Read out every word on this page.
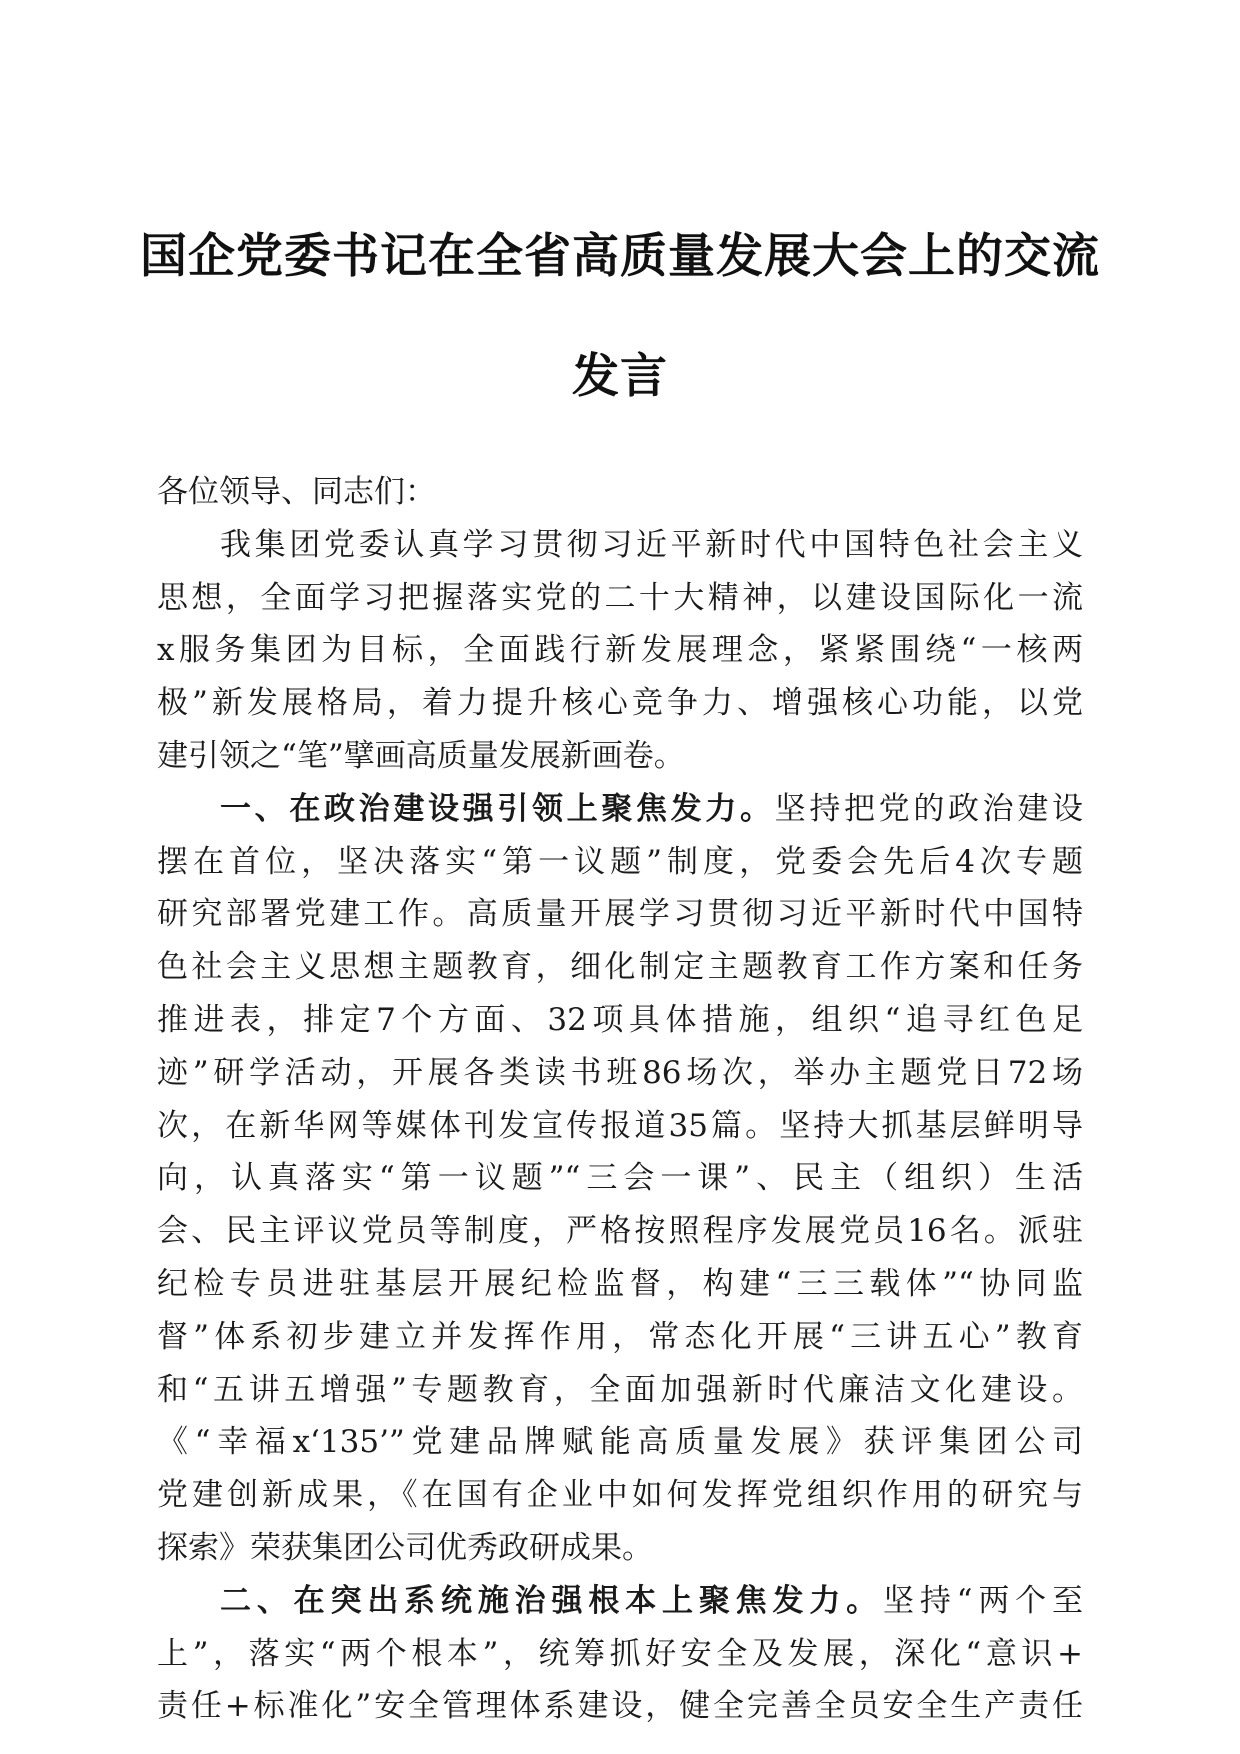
国企党委书记在全省高质量发展大会上的交流
发言
各位领导、同志们：
我集团党委认真学习贯彻习近平新时代中国特色社会主义
思想，全面学习把握落实党的二十大精神，以建设国际化一流
x服务集团为目标，全面践行新发展理念，紧紧围绕“一核两
极”新发展格局，着力提升核心竞争力、增强核心功能，以党
建引领之“笔”擘画高质量发展新画卷。
一、在政治建设强引领上聚焦发力。坚持把党的政治建设
摆在首位，坚决落实“第一议题”制度，党委会先后4次专题
研究部署党建工作。高质量开展学习贯彻习近平新时代中国特
色社会主义思想主题教育，细化制定主题教育工作方案和任务
推进表，排定7个方面、32项具体措施，组织“追寻红色足
迹”研学活动，开展各类读书班86场次，举办主题党日72场
次，在新华网等媒体刊发宣传报道35篇。坚持大抓基层鲜明导
向，认真落实“第一议题”“三会一课”、民主（组织）生活
会、民主评议党员等制度，严格按照程序发展党员16名。派驻
纪检专员进驻基层开展纪检监督，构建“三三载体”“协同监
督”体系初步建立并发挥作用，常态化开展“三讲五心”教育
和“五讲五增强”专题教育，全面加强新时代廉洁文化建设。
《“幸福x‘135’”党建品牌赋能高质量发展》获评集团公司
党建创新成果，《在国有企业中如何发挥党组织作用的研究与
探索》荣获集团公司优秀政研成果。
二、在突出系统施治强根本上聚焦发力。坚持“两个至
上”，落实“两个根本”，统筹抓好安全及发展，深化“意识+
责任+标准化”安全管理体系建设，健全完善全员安全生产责任
